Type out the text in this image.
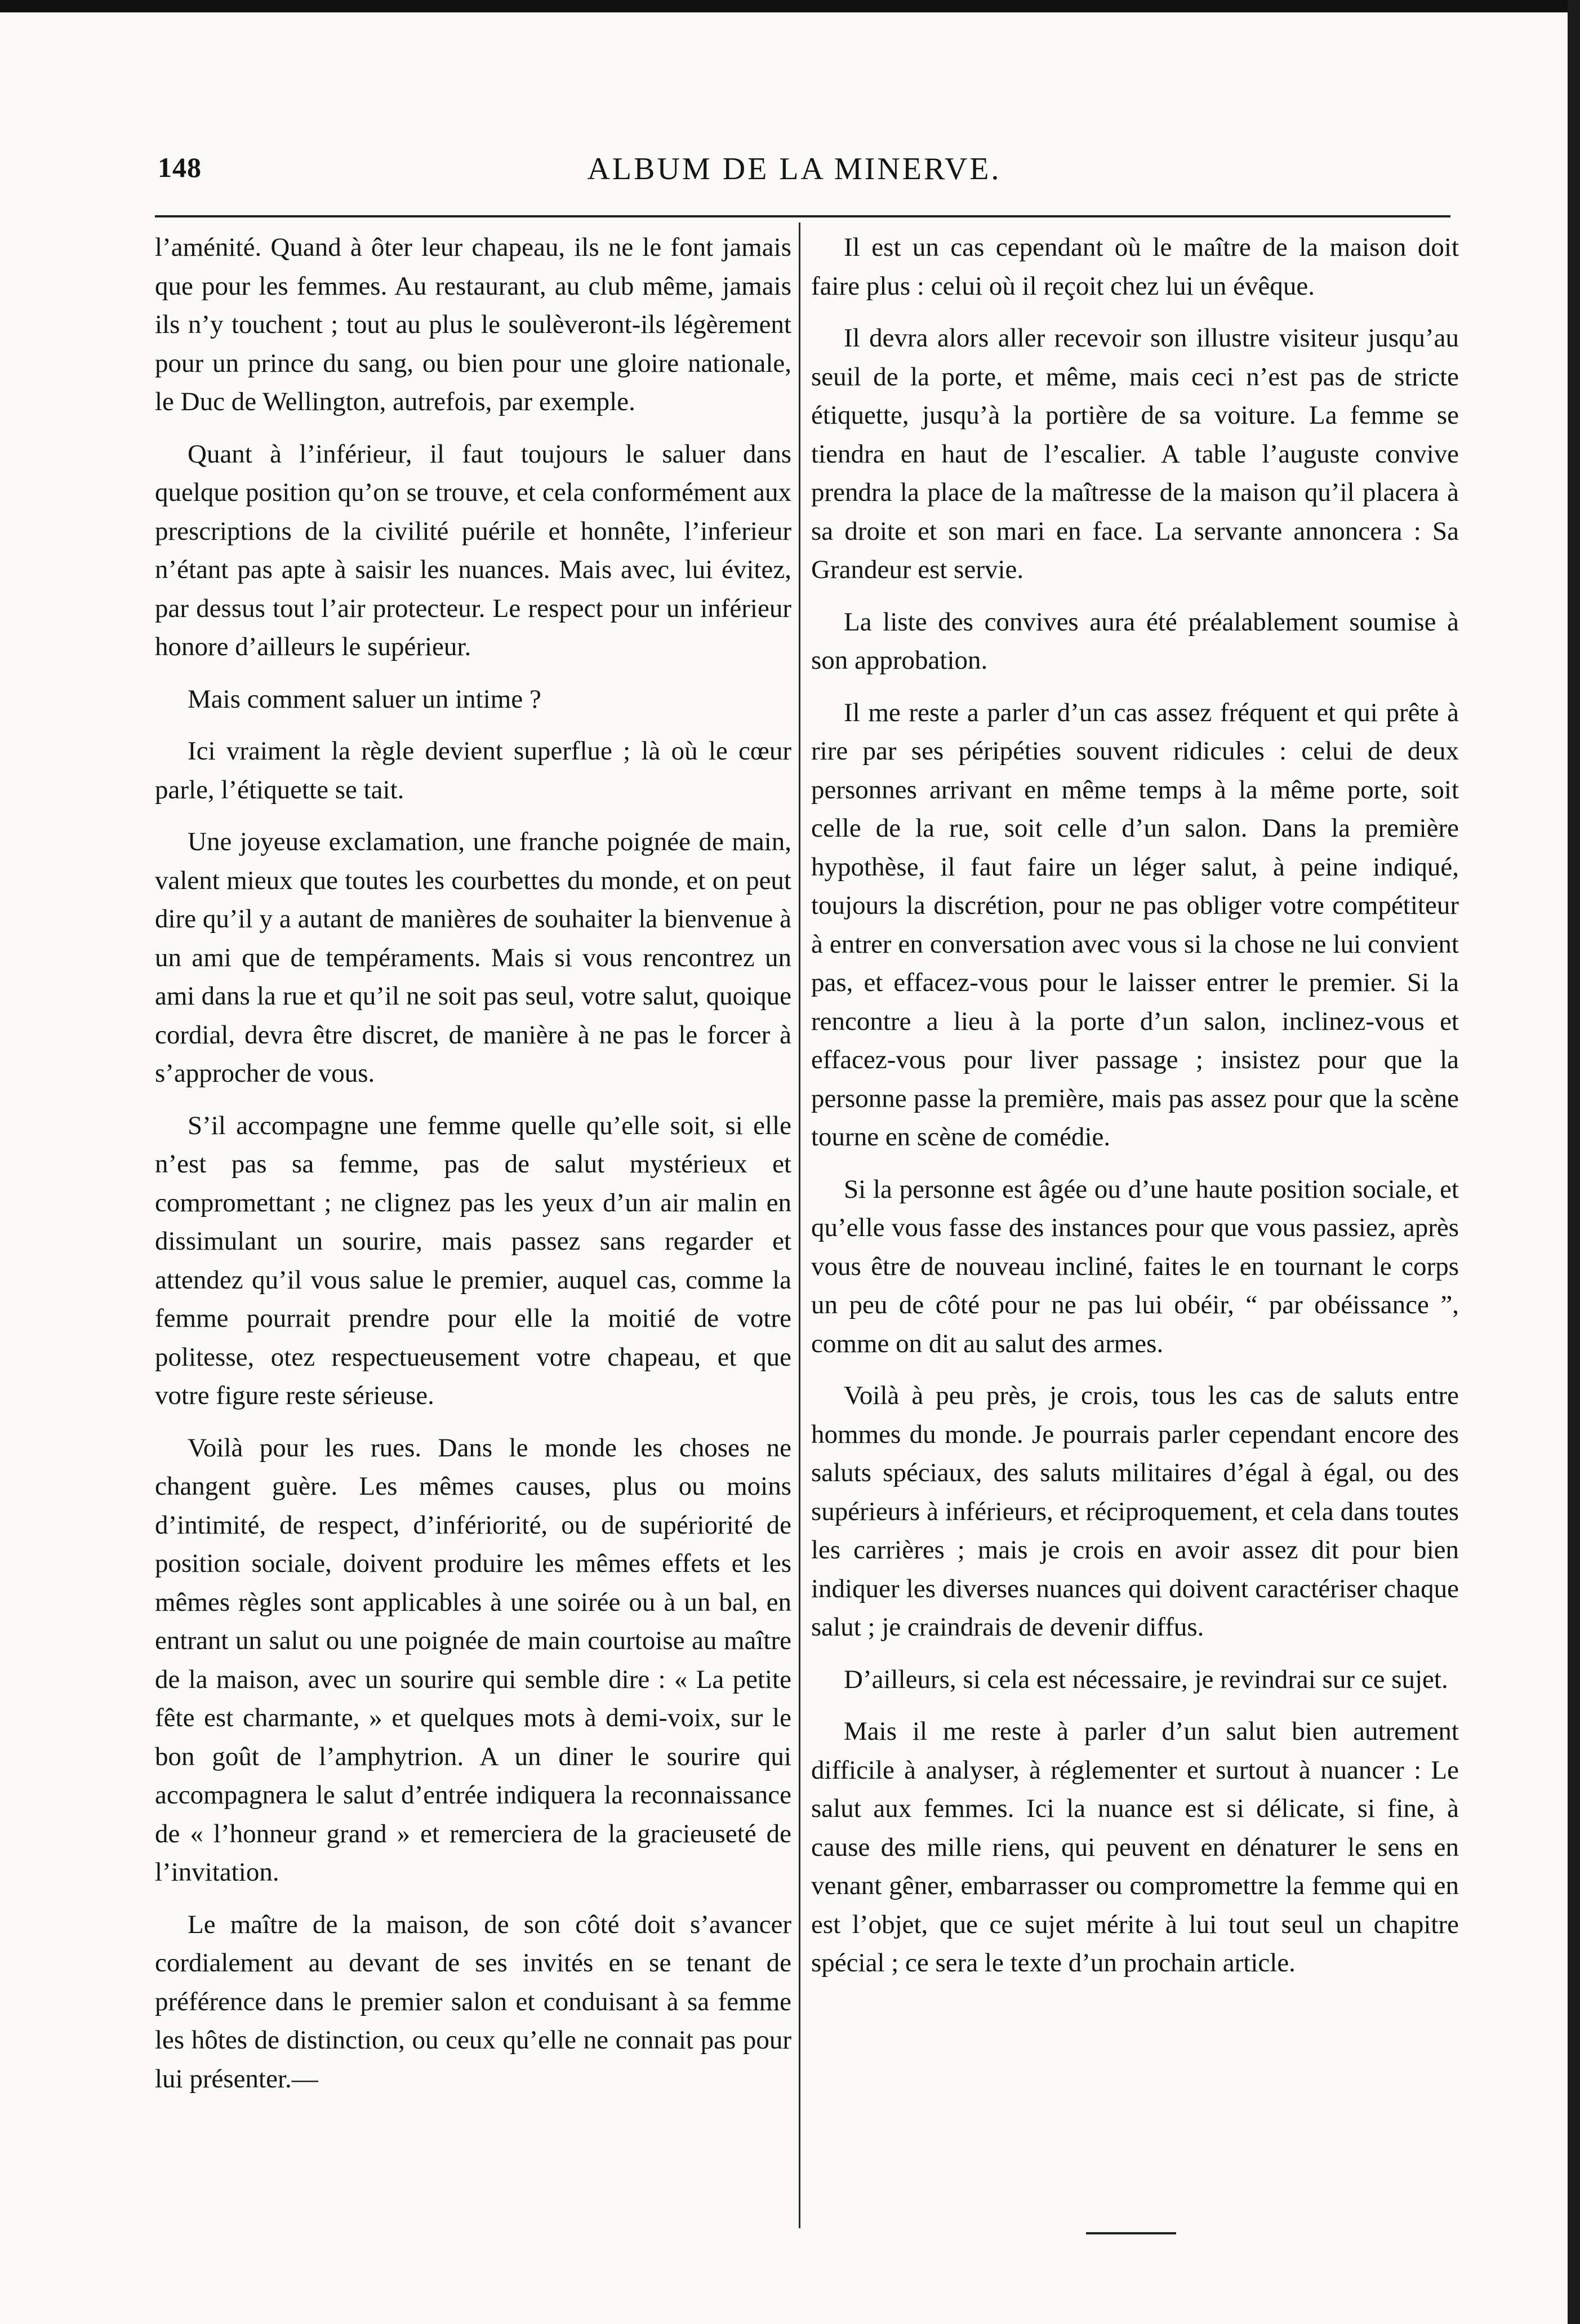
148	ALBUM DE LA MINERVE.

l’aménité. Quand à ôter leur chapeau, ils ne le font jamais que pour les femmes. Au restaurant, au club même, jamais ils n’y touchent ; tout au plus le soulèveront-ils légèrement pour un prince du sang, ou bien pour une gloire nationale, le Duc de Wellington, autrefois, par exemple.

Quant à l’inférieur, il faut toujours le saluer dans quelque position qu’on se trouve, et cela conformément aux prescriptions de la civilité puérile et honnête, l’inferieur n’étant pas apte à saisir les nuances. Mais avec, lui évitez, par dessus tout l’air protecteur. Le respect pour un inférieur honore d’ailleurs le supérieur.

Mais comment saluer un intime ?

Ici vraiment la règle devient superflue ; là où le cœur parle, l’étiquette se tait.

Une joyeuse exclamation, une franche poignée de main, valent mieux que toutes les courbettes du monde, et on peut dire qu’il y a autant de manières de souhaiter la bienvenue à un ami que de tempéraments. Mais si vous rencontrez un ami dans la rue et qu’il ne soit pas seul, votre salut, quoique cordial, devra être discret, de manière à ne pas le forcer à s’approcher de vous.

S’il accompagne une femme quelle qu’elle soit, si elle n’est pas sa femme, pas de salut mystérieux et compromettant ; ne clignez pas les yeux d’un air malin en dissimulant un sourire, mais passez sans regarder et attendez qu’il vous salue le premier, auquel cas, comme la femme pourrait prendre pour elle la moitié de votre politesse, otez respectueusement votre chapeau, et que votre figure reste sérieuse.

Voilà pour les rues. Dans le monde les choses ne changent guère. Les mêmes causes, plus ou moins d’intimité, de respect, d’infériorité, ou de supériorité de position sociale, doivent produire les mêmes effets et les mêmes règles sont applicables à une soirée ou à un bal, en entrant un salut ou une poignée de main courtoise au maître de la maison, avec un sourire qui semble dire : « La petite fête est charmante, » et quelques mots à demi-voix, sur le bon goût de l’amphytrion. A un diner le sourire qui accompagnera le salut d’entrée indiquera la reconnaissance de « l’honneur grand » et remerciera de la gracieuseté de l’invitation.

Le maître de la maison, de son côté doit s’avancer cordialement au devant de ses invités en se tenant de préférence dans le premier salon et conduisant à sa femme les hôtes de distinction, ou ceux qu’elle ne connait pas pour lui présenter.—

Il est un cas cependant où le maître de la maison doit faire plus : celui où il reçoit chez lui un évêque.

Il devra alors aller recevoir son illustre visiteur jusqu’au seuil de la porte, et même, mais ceci n’est pas de stricte étiquette, jusqu’à la portière de sa voiture. La femme se tiendra en haut de l’escalier. A table l’auguste convive prendra la place de la maîtresse de la maison qu’il placera à sa droite et son mari en face. La servante annoncera : Sa Grandeur est servie.

La liste des convives aura été préalablement soumise à son approbation.

Il me reste a parler d’un cas assez fréquent et qui prête à rire par ses péripéties souvent ridicules : celui de deux personnes arrivant en même temps à la même porte, soit celle de la rue, soit celle d’un salon. Dans la première hypothèse, il faut faire un léger salut, à peine indiqué, toujours la discrétion, pour ne pas obliger votre compétiteur à entrer en conversation avec vous si la chose ne lui convient pas, et effacez-vous pour le laisser entrer le premier. Si la rencontre a lieu à la porte d’un salon, inclinez-vous et effacez-vous pour liver passage ; insistez pour que la personne passe la première, mais pas assez pour que la scène tourne en scène de comédie.

Si la personne est âgée ou d’une haute position sociale, et qu’elle vous fasse des instances pour que vous passiez, après vous être de nouveau incliné, faites le en tournant le corps un peu de côté pour ne pas lui obéir, “ par obéissance ”, comme on dit au salut des armes.

Voilà à peu près, je crois, tous les cas de saluts entre hommes du monde. Je pourrais parler cependant encore des saluts spéciaux, des saluts militaires d’égal à égal, ou des supérieurs à inférieurs, et réciproquement, et cela dans toutes les carrières ; mais je crois en avoir assez dit pour bien indiquer les diverses nuances qui doivent caractériser chaque salut ; je craindrais de devenir diffus.

D’ailleurs, si cela est nécessaire, je revindrai sur ce sujet.

Mais il me reste à parler d’un salut bien autrement difficile à analyser, à réglementer et surtout à nuancer : Le salut aux femmes. Ici la nuance est si délicate, si fine, à cause des mille riens, qui peuvent en dénaturer le sens en venant gêner, embarrasser ou compromettre la femme qui en est l’objet, que ce sujet mérite à lui tout seul un chapitre spécial ; ce sera le texte d’un prochain article.
